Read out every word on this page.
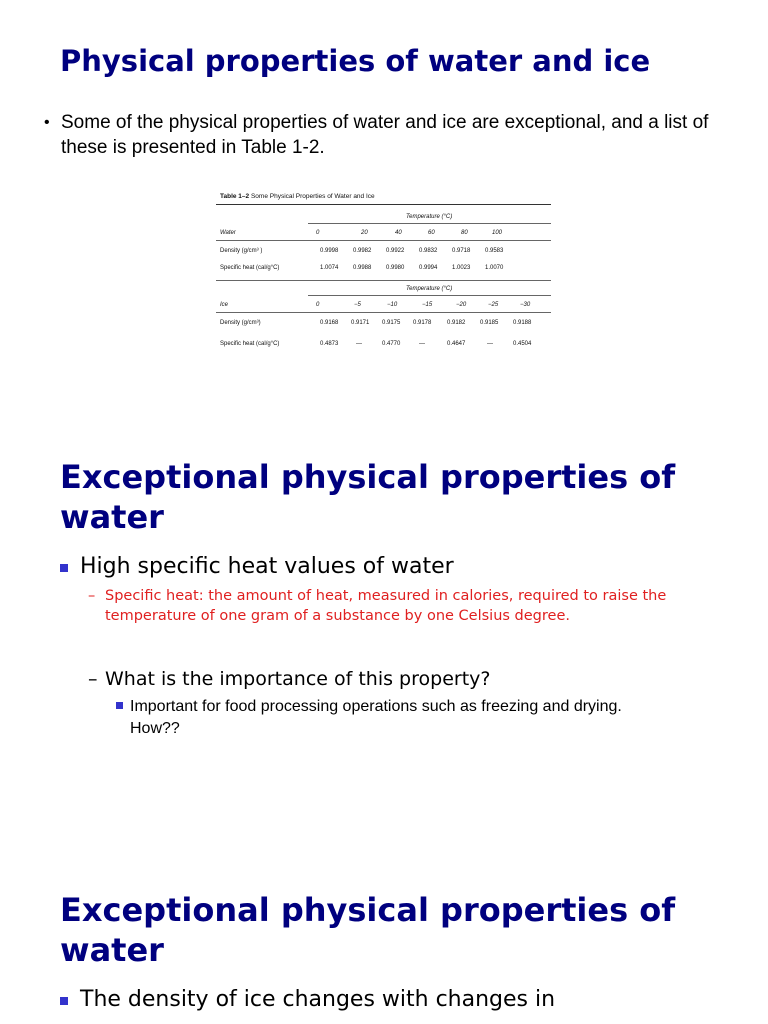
Physical properties of water and ice
• Some of the physical properties of water and ice are exceptional, and a list of these is presented in Table 1-2.
Table 1–2 Some Physical Properties of Water and Ice
Temperature (°C)
Water	0	20	40	60	80	100
Density (g/cm³ )	0.9998 0.9982 0.9922 0.9832 0.9718 0.9583
Specific heat (cal/g°C)	1.0074 0.9988 0.9980 0.9994 1.0023 1.0070
Temperature (°C)
Ice	0	−5	−10	−15	−20	−25	−30
Density (g/cm³)	0.9168 0.9171 0.9175 0.9178	0.9182 0.9185 0.9188
Specific heat (cal/g°C)	0.4873	—	0.4770	—	0.4647	—	0.4504
Exceptional physical properties of water
High specific heat values of water
– Specific heat: the amount of heat, measured in calories, required to raise the temperature of one gram of a substance by one Celsius degree.
– What is the importance of this property?
Important for food processing operations such as freezing and drying. How??
Exceptional physical properties of water
The density of ice changes with changes in
